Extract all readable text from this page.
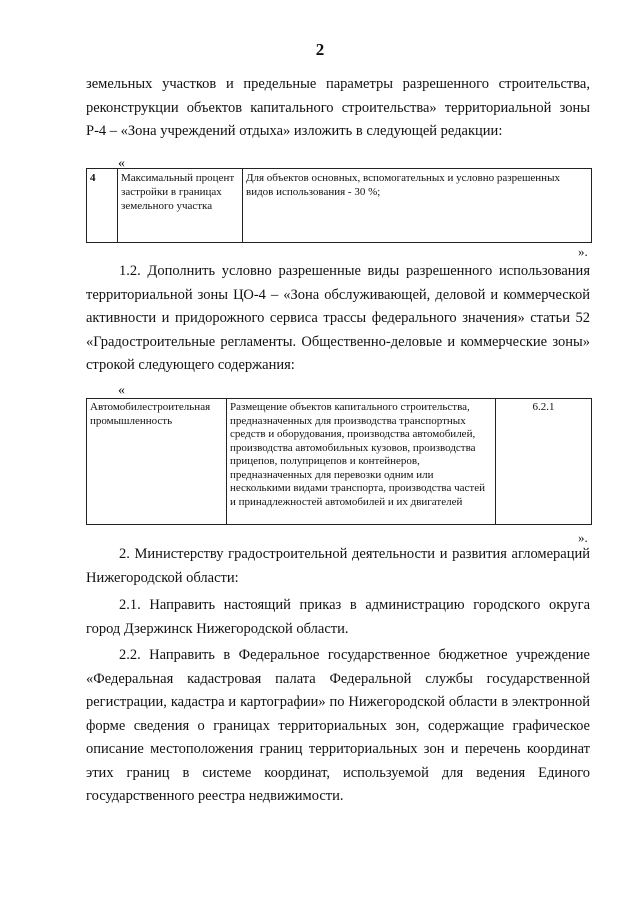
2
земельных участков и предельные параметры разрешенного строительства, реконструкции объектов капитального строительства» территориальной зоны Р-4 – «Зона учреждений отдыха» изложить в следующей редакции:
«
4	Максимальный процент застройки в границах земельного участка	Для объектов основных, вспомогательных и условно разрешенных видов использования - 30 %;
».
1.2. Дополнить условно разрешенные виды разрешенного использования территориальной зоны ЦО-4 – «Зона обслуживающей, деловой и коммерческой активности и придорожного сервиса трассы федерального значения» статьи 52 «Градостроительные регламенты. Общественно-деловые и коммерческие зоны» строкой следующего содержания:
«
Автомобилестроительная промышленность	Размещение объектов капитального строительства, предназначенных для производства транспортных средств и оборудования, производства автомобилей, производства автомобильных кузовов, производства прицепов, полуприцепов и контейнеров, предназначенных для перевозки одним или несколькими видами транспорта, производства частей и принадлежностей автомобилей и их двигателей	6.2.1
».
2. Министерству градостроительной деятельности и развития агломераций Нижегородской области:
2.1. Направить настоящий приказ в администрацию городского округа город Дзержинск Нижегородской области.
2.2. Направить в Федеральное государственное бюджетное учреждение «Федеральная кадастровая палата Федеральной службы государственной регистрации, кадастра и картографии» по Нижегородской области в электронной форме сведения о границах территориальных зон, содержащие графическое описание местоположения границ территориальных зон и перечень координат этих границ в системе координат, используемой для ведения Единого государственного реестра недвижимости.
